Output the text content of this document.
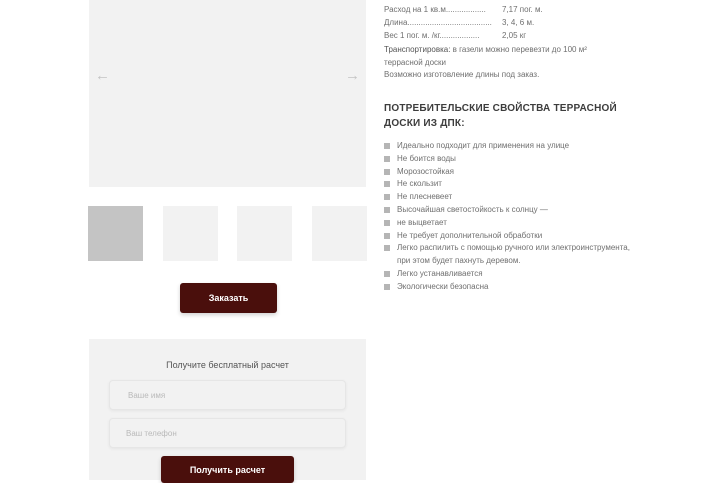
←	→
Заказать
Получите бесплатный расчет
Ваше имя
Ваш телефон
Получить расчет
Расход на 1 кв.м.................. 7,17 пог. м.
Длина...................................... 3, 4, 6 м.
Вес 1 пог. м. /кг..................	2,05 кг
Транспортировка: в газели можно перевезти до 100 м² террасной доски
Возможно изготовление длины под заказ.
ПОТРЕБИТЕЛЬСКИЕ СВОЙСТВА ТЕРРАСНОЙ ДОСКИ ИЗ ДПК:
Идеально подходит для применения на улице
Не боится воды
Морозостойкая
Не скользит
Не плесневеет
Высочайшая светостойкость к солнцу —
не выцветает
Не требует дополнительной обработки
Легко распилить с помощью ручного или электроинструмента, при этом будет пахнуть деревом.
Легко устанавливается
Экологически безопасна
